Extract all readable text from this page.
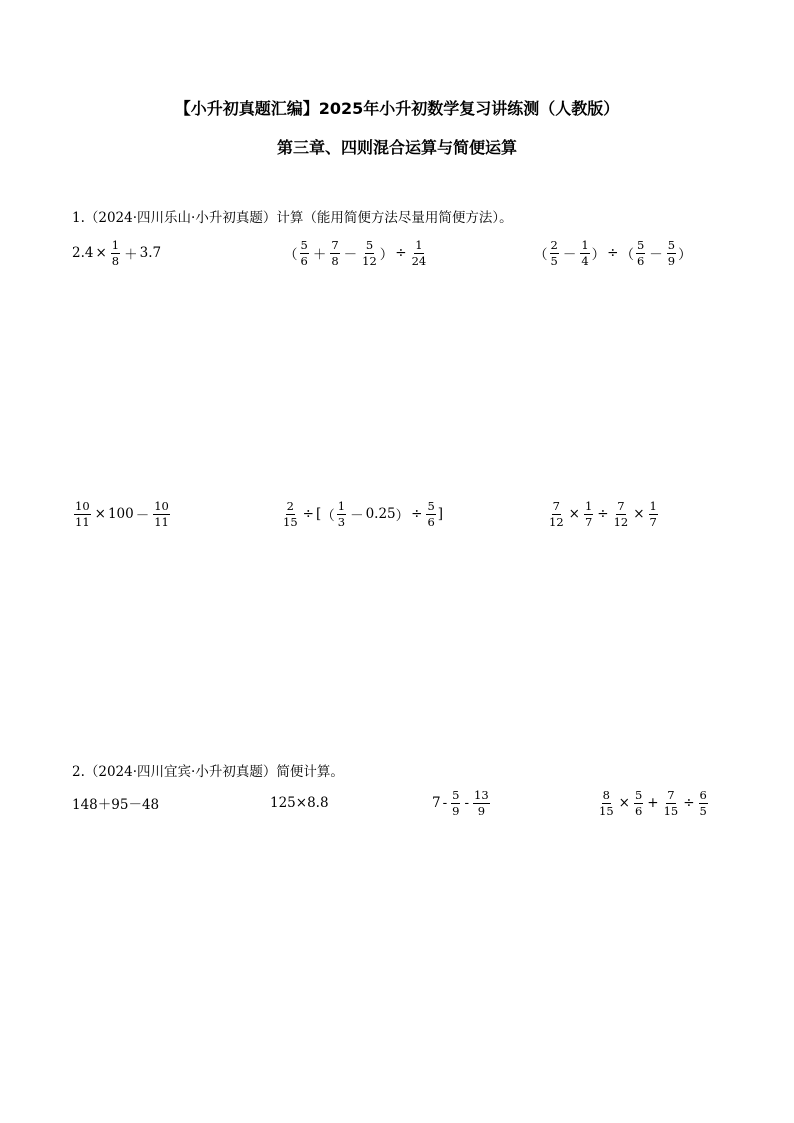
【小升初真题汇编】2025年小升初数学复习讲练测（人教版）
第三章、四则混合运算与简便运算
1.（2024·四川乐山·小升初真题）计算（能用简便方法尽量用简便方法）。
$2.4 \times \frac{1}{8} + 3.7$	（ $\frac{5}{6} + \frac{7}{8} - \frac{5}{12}$ ） ÷ $\frac{1}{24}$	（ $\frac{2}{5} - \frac{1}{4}$ ） ÷ （ $\frac{5}{6} - \frac{5}{9}$ ）
$\frac{10}{11} \times 100 - \frac{10}{11}$	$\frac{2}{15}$ ÷ [ （ $\frac{1}{3} - 0.25$ ） ÷ $\frac{5}{6}$ ]	$\frac{7}{12} \times \frac{1}{7} \div \frac{7}{12} \times \frac{1}{7}$
2.（2024·四川宜宾·小升初真题）简便计算。
148＋95－48	125×8.8	$7 - \frac{5}{9} - \frac{13}{9}$	$\frac{8}{15} \times \frac{5}{6} + \frac{7}{15} \div \frac{6}{5}$
